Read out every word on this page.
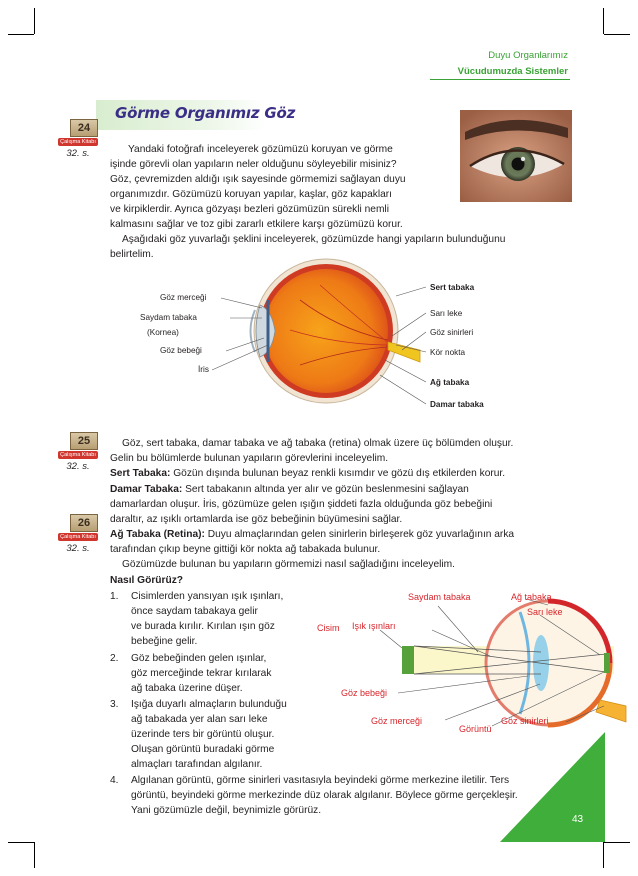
Duyu Organlarımız
Vücudumuzda Sistemler
Görme Organımız Göz
24
Çalışma Kitabı
32. s.
25
Çalışma Kitabı
32. s.
26
Çalışma Kitabı
32. s.
Yandaki fotoğrafı inceleyerek gözümüzü koruyan ve görme
işinde görevli olan yapıların neler olduğunu söyleyebilir misiniz?
Göz, çevremizden aldığı ışık sayesinde görmemizi sağlayan duyu
organımızdır. Gözümüzü koruyan yapılar, kaşlar, göz kapakları
ve kirpiklerdir. Ayrıca gözyaşı bezleri gözümüzün sürekli nemli
kalmasını sağlar ve toz gibi zararlı etkilere karşı gözümüzü korur.
Aşağıdaki göz yuvarlağı şeklini inceleyerek, gözümüzde hangi yapıların bulunduğunu
belirtelim.
Göz merceği
Saydam tabaka
(Kornea)
Göz bebeği
İris
Sert tabaka
Sarı leke
Göz sinirleri
Kör nokta
Ağ tabaka
Damar tabaka
Göz, sert tabaka, damar tabaka ve ağ tabaka (retina) olmak üzere üç bölümden oluşur.
Gelin bu bölümlerde bulunan yapıların görevlerini inceleyelim.
Sert Tabaka: Gözün dışında bulunan beyaz renkli kısımdır ve gözü dış etkilerden korur.
Damar Tabaka: Sert tabakanın altında yer alır ve gözün beslenmesini sağlayan
damarlardan oluşur. İris, gözümüze gelen ışığın şiddeti fazla olduğunda göz bebeğini
daraltır, az ışıklı ortamlarda ise göz bebeğinin büyümesini sağlar.
Ağ Tabaka (Retina): Duyu almaçlarından gelen sinirlerin birleşerek göz yuvarlağının arka
tarafından çıkıp beyne gittiği kör nokta ağ tabakada bulunur.
Gözümüzde bulunan bu yapıların görmemizi nasıl sağladığını inceleyelim.
Nasıl Görürüz?
1. Cisimlerden yansıyan ışık ışınları,
önce saydam tabakaya gelir
ve burada kırılır. Kırılan ışın göz
bebeğine gelir.
2. Göz bebeğinden gelen ışınlar,
göz merceğinde tekrar kırılarak
ağ tabaka üzerine düşer.
3. Işığa duyarlı almaçların bulunduğu
ağ tabakada yer alan sarı leke
üzerinde ters bir görüntü oluşur.
Oluşan görüntü buradaki görme
almaçları tarafından algılanır.
4. Algılanan görüntü, görme sinirleri vasıtasıyla beyindeki görme merkezine iletilir. Ters
görüntü, beyindeki görme merkezinde düz olarak algılanır. Böylece görme gerçekleşir.
Yani gözümüzle değil, beynimizle görürüz.
Saydam tabaka	Ağ tabaka
Sarı leke
Cisim Işık ışınları
Göz bebeği
Göz merceği
Görüntü
Göz sinirleri
43
